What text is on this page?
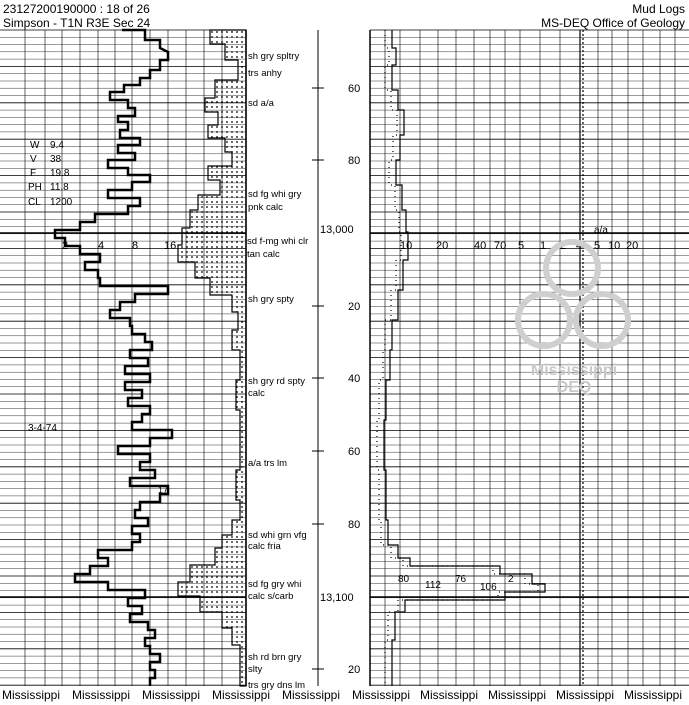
23127200190000 : 18 of 26
Simpson - T1N R3E Sec 24
Mud Logs
MS-DEQ Office of Geology
W 9.4
V 38
F 19.8
PH 11.8
CL 1200
3-4-74
17
2	4	8 16
sh gry spltry
trs anhy
sd a/a
sd fg whi gry
pnk calc
sd f-mg whi clr
tan calc
sh gry spty
sh gry rd spty
calc
a/a trs lm
sd whi grn vfg
calc fria
sd fg gry whi
calc s/carb
sh rd brn gry
slty
trs gry dns lm
60
80
13,000
20
40
60
80
13,100
20
10 20 40 70 5 1 2 4 5 10 20
a/a
80
112
76
106
2
Mississippi
DEQ
Mississippi Mississippi Mississippi Mississippi Mississippi Mississippi Mississippi Mississippi Mississippi Mississippi
